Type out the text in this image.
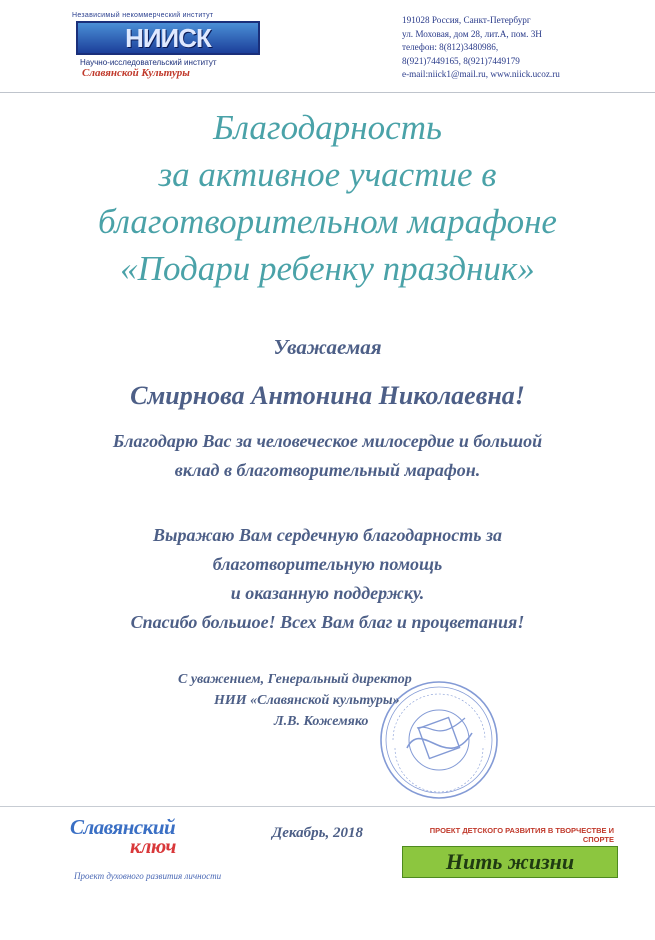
Независимый некоммерческий институт
НИИСК
Научно-исследовательский институт
Славянской Культуры
191028 Россия, Санкт-Петербург
ул. Моховая, дом 28, лит.А, пом. 3Н
телефон: 8(812)3480986,
8(921)7449165, 8(921)7449179
e-mail:niick1@mail.ru, www.niick.ucoz.ru
Благодарность
за активное участие в
благотворительном марафоне
«Подари ребенку праздник»
Уважаемая
Смирнова Антонина Николаевна!
Благодарю Вас за человеческое милосердие и большой
вклад в благотворительный марафон.
Выражаю Вам сердечную благодарность за
благотворительную помощь
и оказанную поддержку.
Спасибо большое! Всех Вам благ и процветания!
С уважением, Генеральный директор
НИИ «Славянской культуры»
Л.В. Кожемяко
Славянский
ключ
Проект духовного развития личности
Декабрь, 2018	ПРОЕКТ ДЕТСКОГО РАЗВИТИЯ В ТВОРЧЕСТВЕ И СПОРТЕ
Нить жизни
